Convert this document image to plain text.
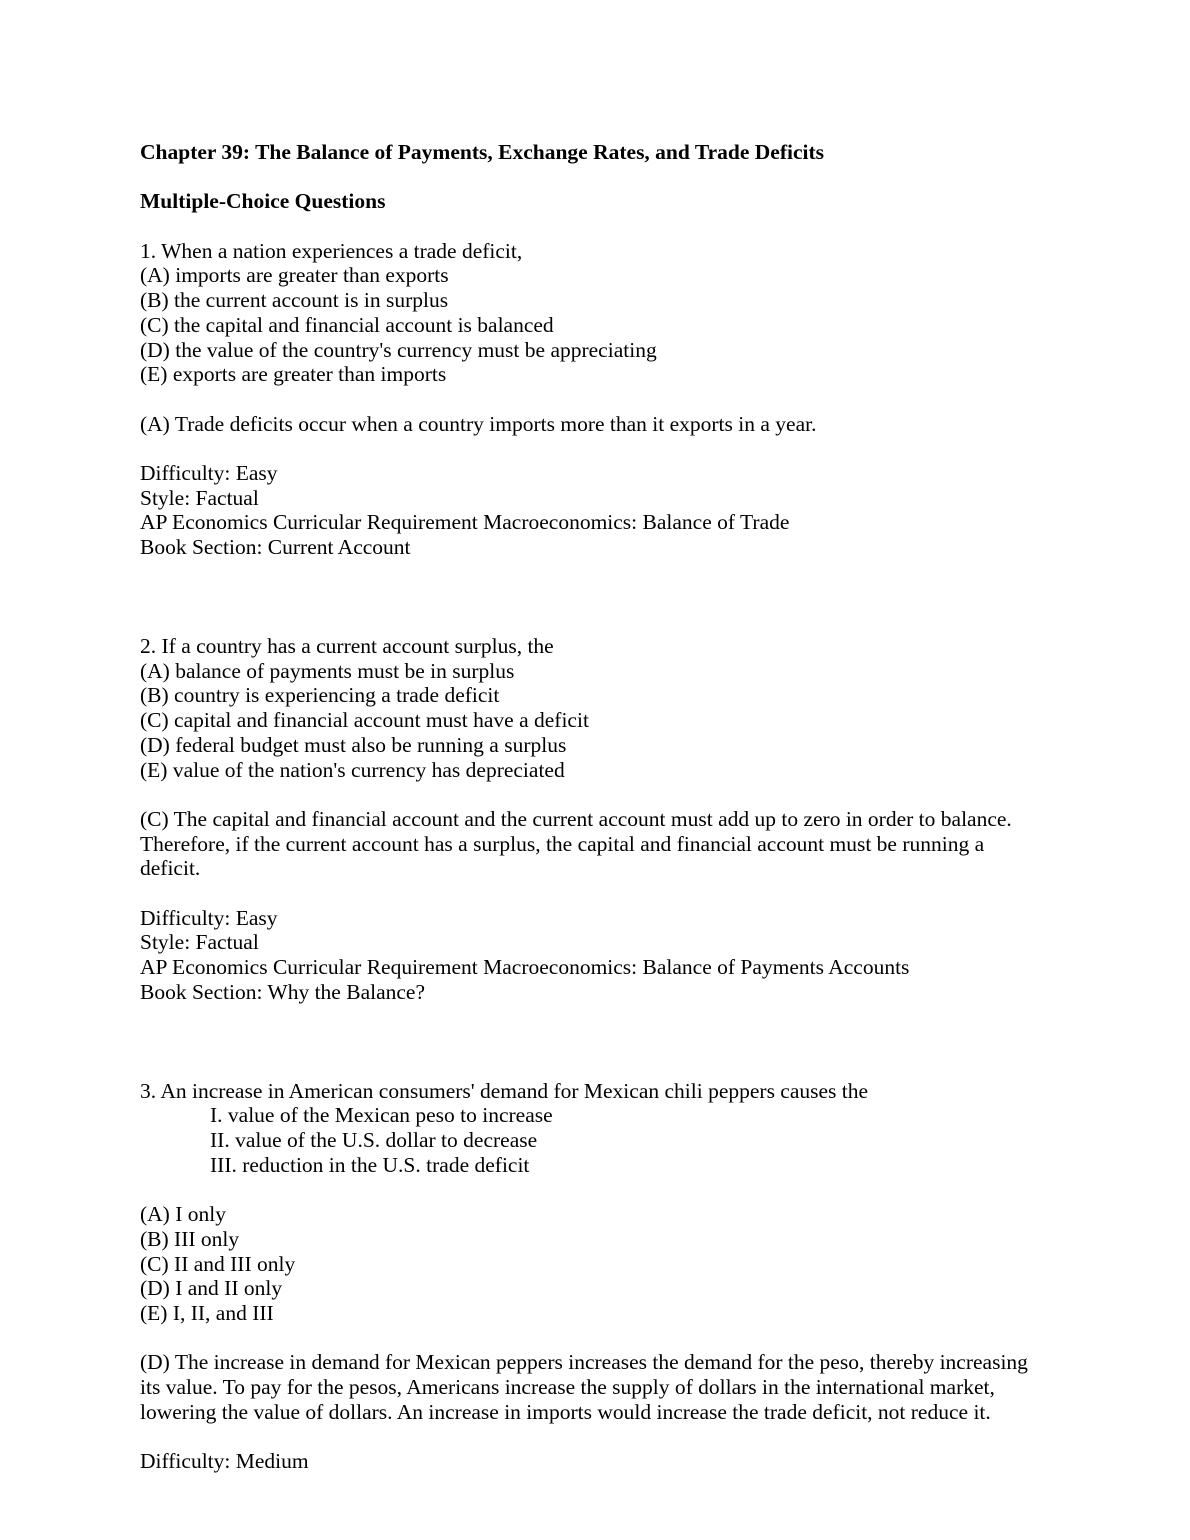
Chapter 39: The Balance of Payments, Exchange Rates, and Trade Deficits

Multiple-Choice Questions

1. When a nation experiences a trade deficit,

(A) imports are greater than exports

(B) the current account is in surplus

(C) the capital and financial account is balanced

(D) the value of the country's currency must be appreciating

(E) exports are greater than imports

(A) Trade deficits occur when a country imports more than it exports in a year.

Difficulty: Easy

Style: Factual

AP Economics Curricular Requirement Macroeconomics: Balance of Trade

Book Section: Current Account

2. If a country has a current account surplus, the

(A) balance of payments must be in surplus

(B) country is experiencing a trade deficit

(C) capital and financial account must have a deficit

(D) federal budget must also be running a surplus

(E) value of the nation's currency has depreciated

(C) The capital and financial account and the current account must add up to zero in order to balance. Therefore, if the current account has a surplus, the capital and financial account must be running a deficit.

Difficulty: Easy

Style: Factual

AP Economics Curricular Requirement Macroeconomics: Balance of Payments Accounts

Book Section: Why the Balance?

3. An increase in American consumers' demand for Mexican chili peppers causes the

I. value of the Mexican peso to increase

II. value of the U.S. dollar to decrease

III. reduction in the U.S. trade deficit

(A) I only

(B) III only

(C) II and III only

(D) I and II only

(E) I, II, and III

(D) The increase in demand for Mexican peppers increases the demand for the peso, thereby increasing its value. To pay for the pesos, Americans increase the supply of dollars in the international market, lowering the value of dollars. An increase in imports would increase the trade deficit, not reduce it.

Difficulty: Medium
